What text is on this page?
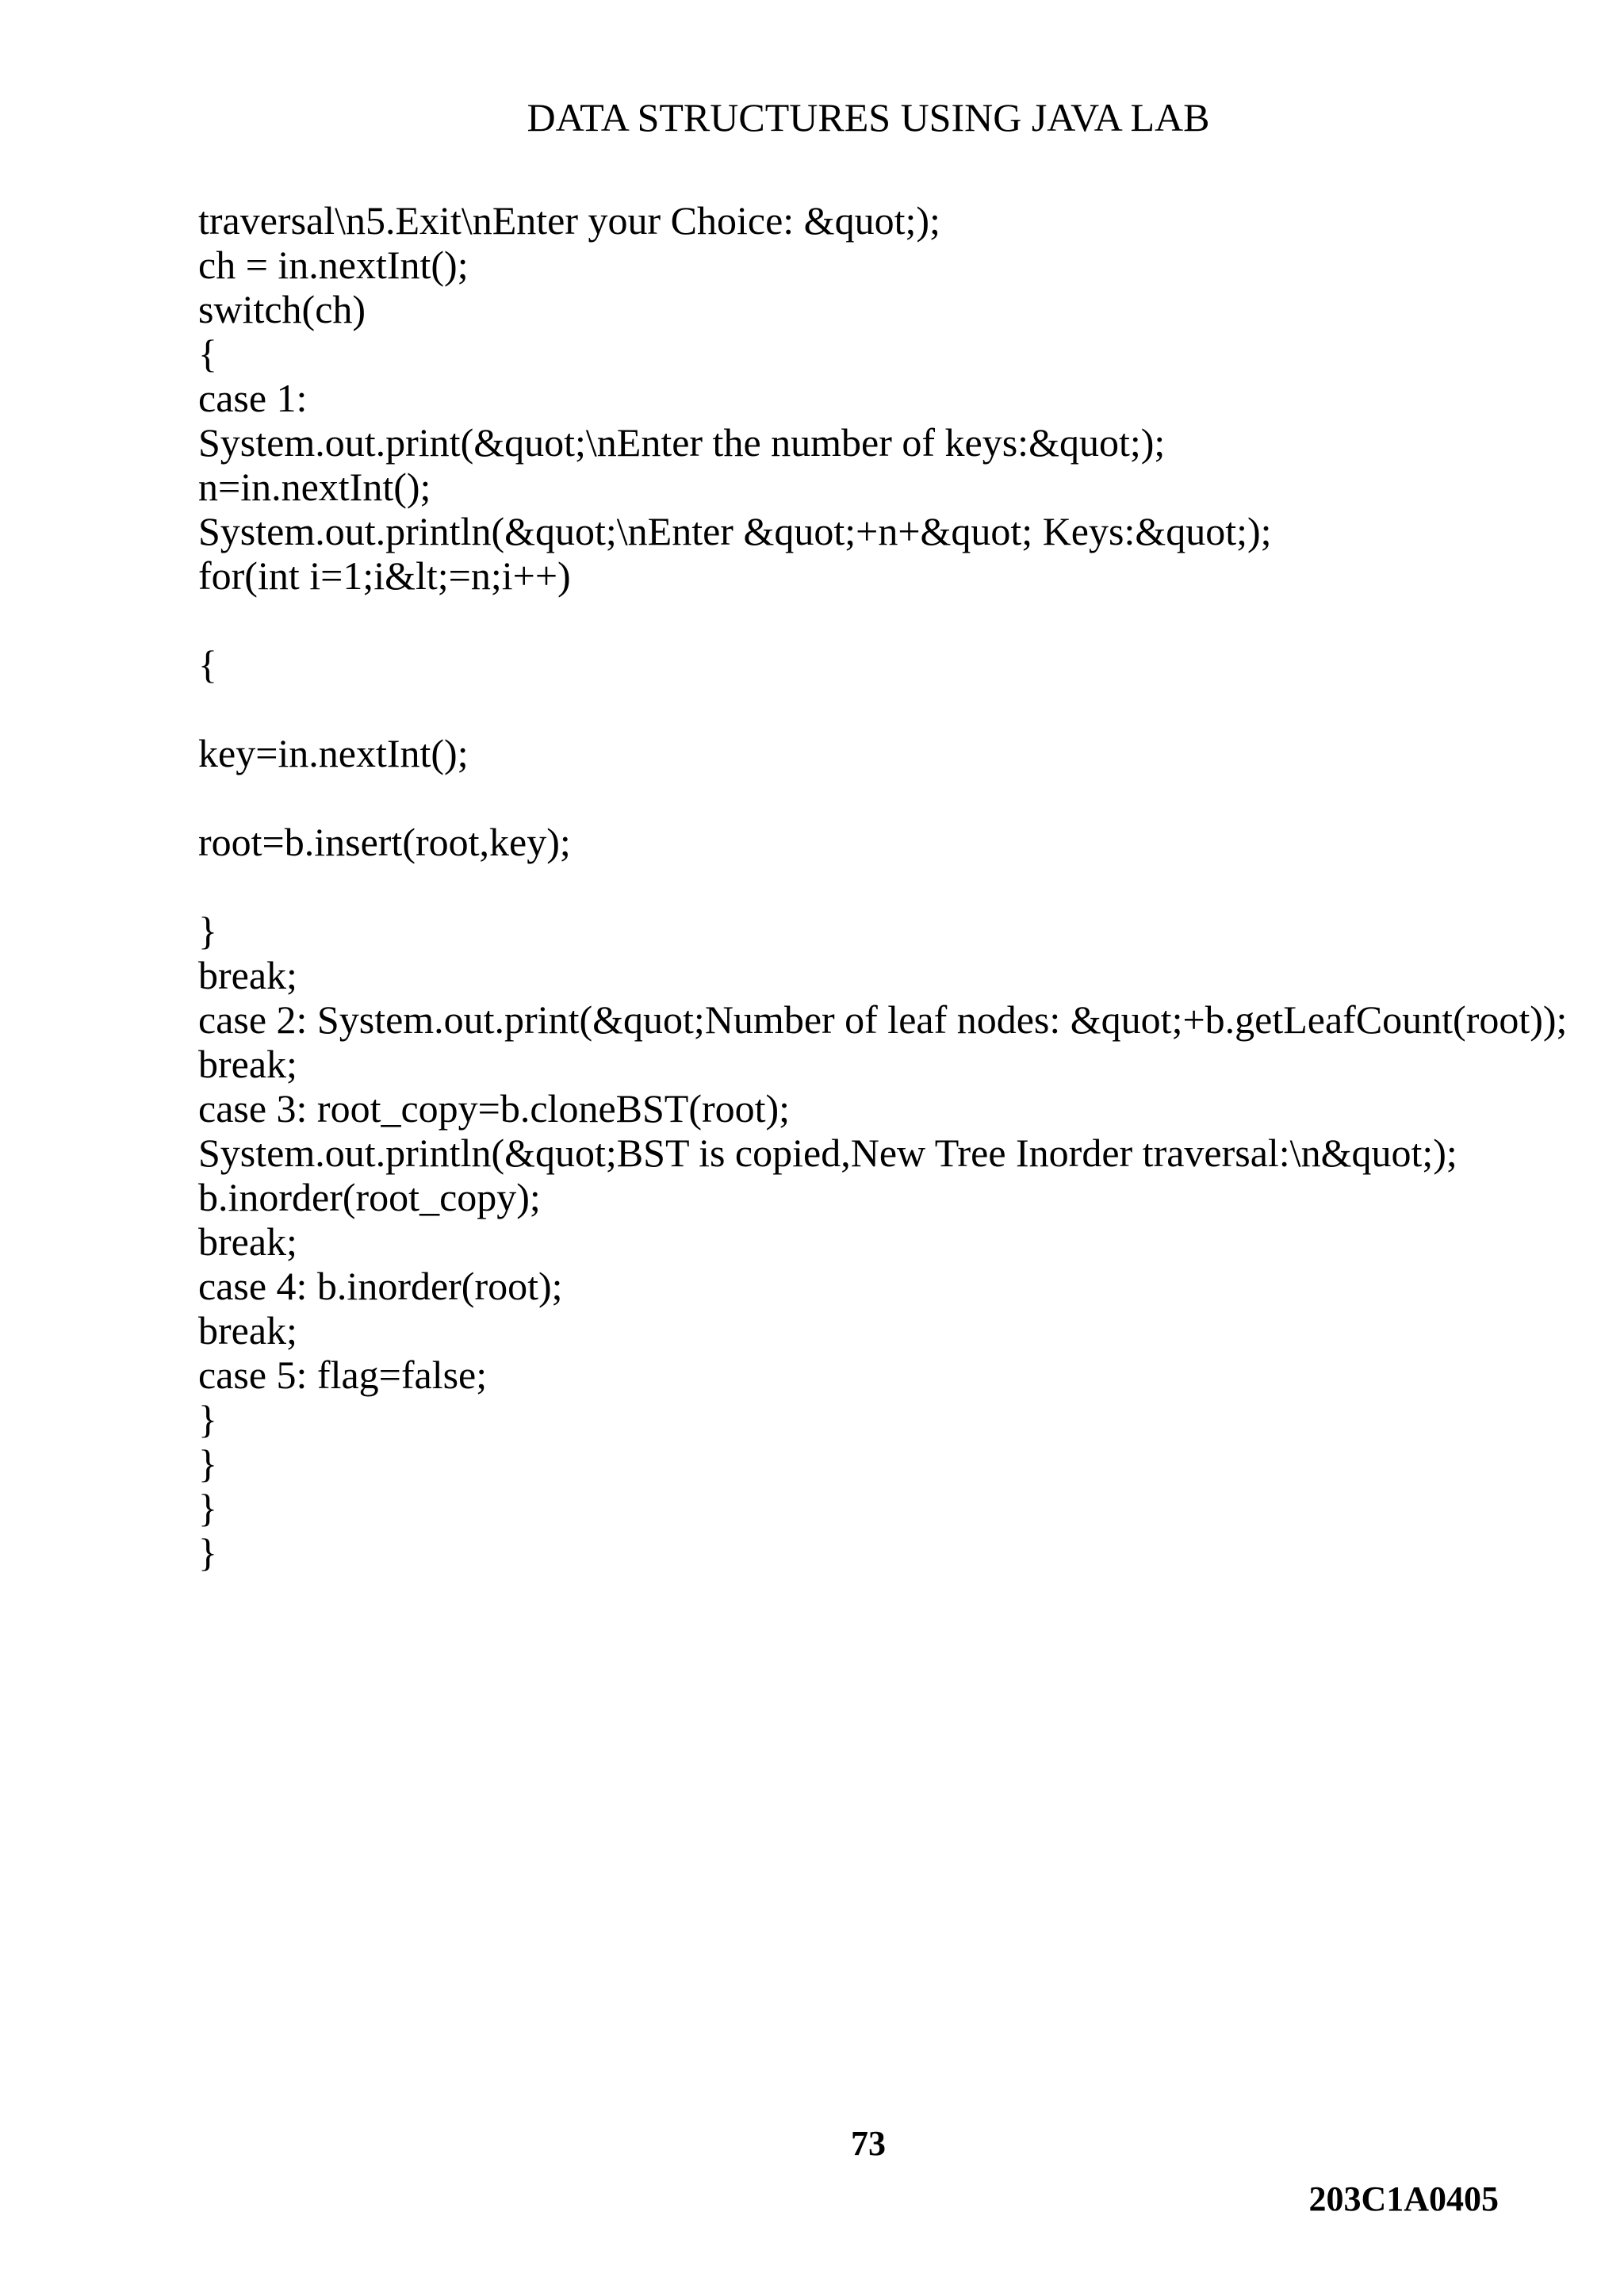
DATA STRUCTURES USING JAVA LAB
traversal\n5.Exit\nEnter your Choice: &quot;);
ch = in.nextInt();
switch(ch)
{
case 1:
System.out.print(&quot;\nEnter the number of keys:&quot;);
n=in.nextInt();
System.out.println(&quot;\nEnter &quot;+n+&quot; Keys:&quot;);
for(int i=1;i&lt;=n;i++)
{
key=in.nextInt();
root=b.insert(root,key);
}
break;
case 2: System.out.print(&quot;Number of leaf nodes: &quot;+b.getLeafCount(root));
break;
case 3: root_copy=b.cloneBST(root);
System.out.println(&quot;BST is copied,New Tree Inorder traversal:\n&quot;);
b.inorder(root_copy);
break;
case 4: b.inorder(root);
break;
case 5: flag=false;
}
}
}
}
73
203C1A0405
